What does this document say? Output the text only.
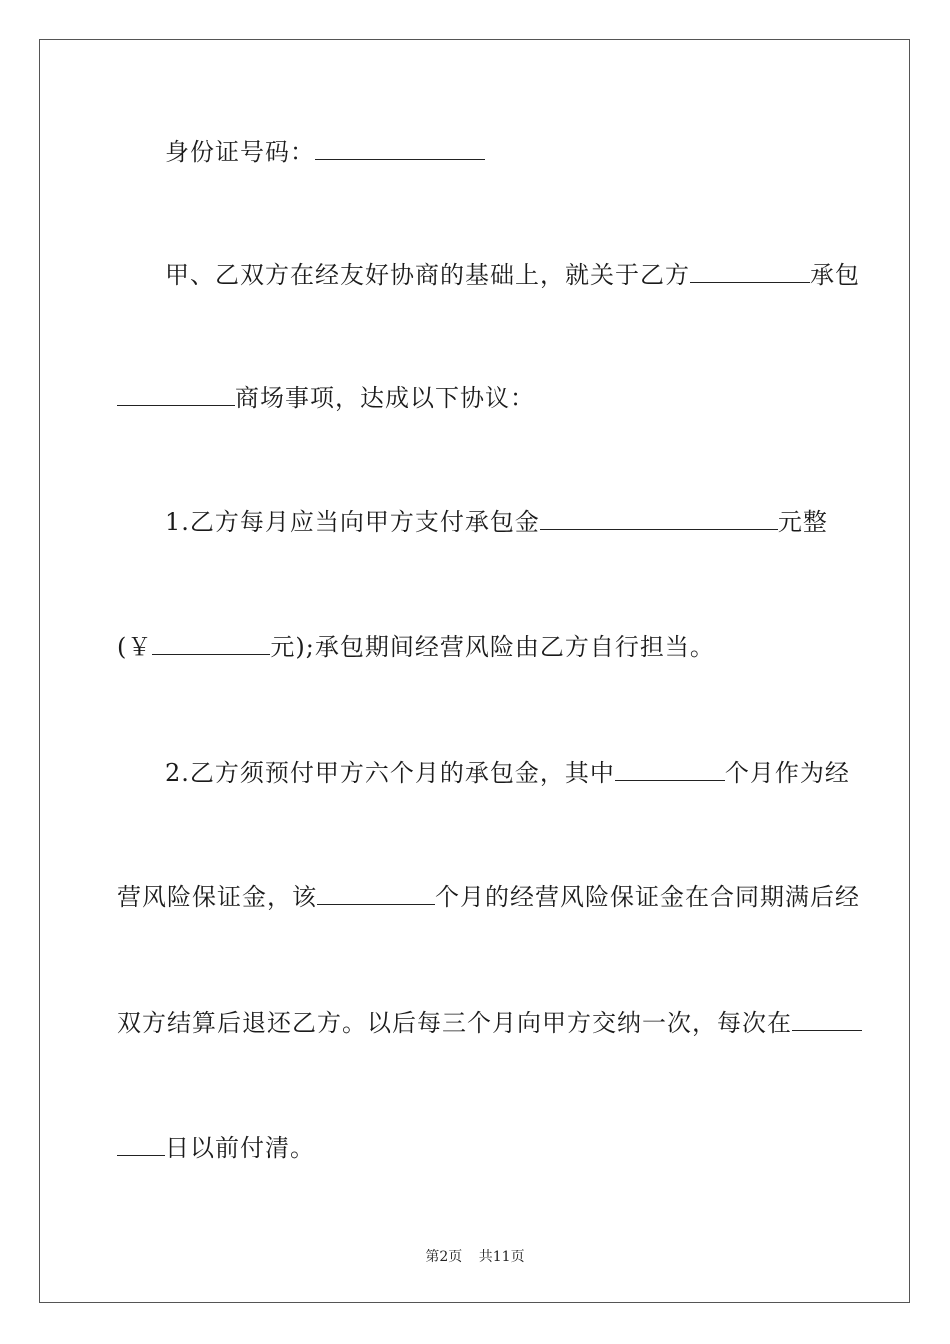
身份证号码：
甲、乙双方在经友好协商的基础上，就关于乙方	承包
商场事项，达成以下协议：
1.乙方每月应当向甲方支付承包金	元整
(￥	元);承包期间经营风险由乙方自行担当。
2.乙方须预付甲方六个月的承包金，其中	个月作为经
营风险保证金，该	个月的经营风险保证金在合同期满后经
双方结算后退还乙方。以后每三个月向甲方交纳一次，每次在
日以前付清。
第2页 共11页
